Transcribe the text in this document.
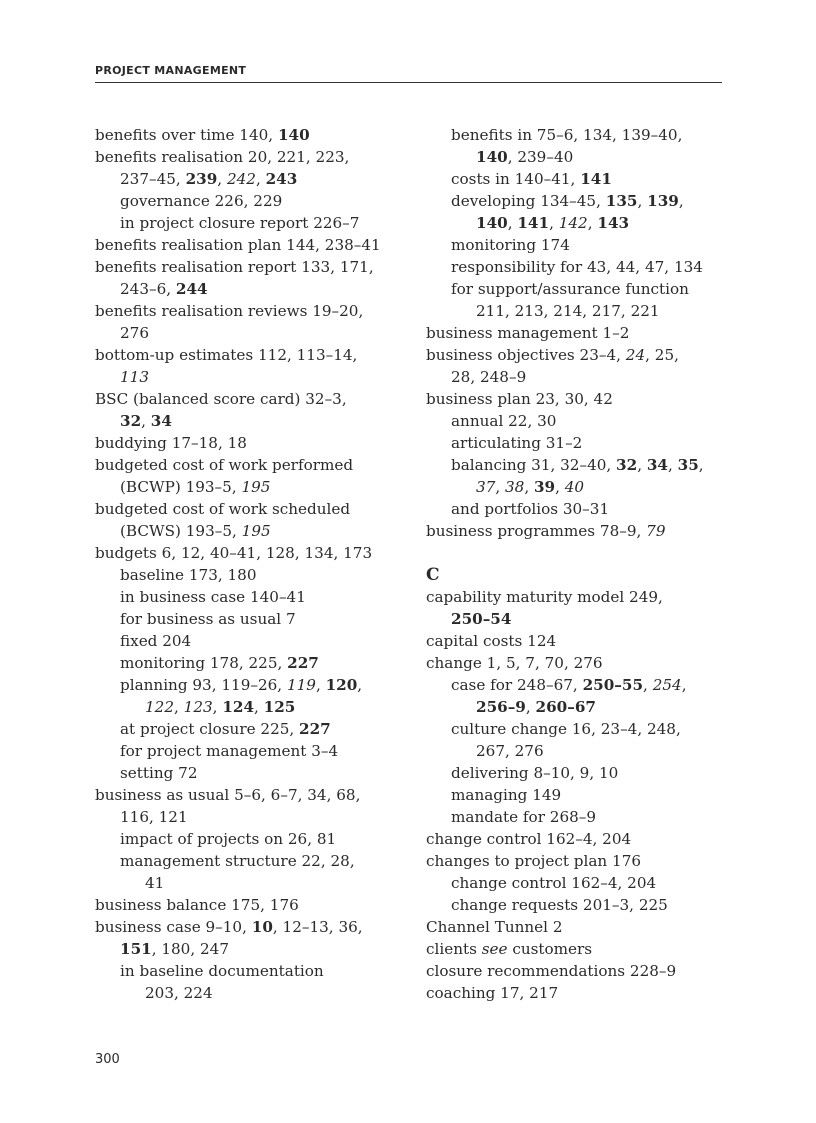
PROJECT MANAGEMENT
benefits over time 140, 140
benefits realisation 20, 221, 223,
237–45, 239, 242, 243
governance 226, 229
in project closure report 226–7
benefits realisation plan 144, 238–41
benefits realisation report 133, 171,
243–6, 244
benefits realisation reviews 19–20,
276
bottom-up estimates 112, 113–14,
113
BSC (balanced score card) 32–3,
32, 34
buddying 17–18, 18
budgeted cost of work performed
(BCWP) 193–5, 195
budgeted cost of work scheduled
(BCWS) 193–5, 195
budgets 6, 12, 40–41, 128, 134, 173
baseline 173, 180
in business case 140–41
for business as usual 7
fixed 204
monitoring 178, 225, 227
planning 93, 119–26, 119, 120,
122, 123, 124, 125
at project closure 225, 227
for project management 3–4
setting 72
business as usual 5–6, 6–7, 34, 68,
116, 121
impact of projects on 26, 81
management structure 22, 28,
41
business balance 175, 176
business case 9–10, 10, 12–13, 36,
151, 180, 247
in baseline documentation
203, 224
benefits in 75–6, 134, 139–40,
140, 239–40
costs in 140–41, 141
developing 134–45, 135, 139,
140, 141, 142, 143
monitoring 174
responsibility for 43, 44, 47, 134
for support/assurance function
211, 213, 214, 217, 221
business management 1–2
business objectives 23–4, 24, 25,
28, 248–9
business plan 23, 30, 42
annual 22, 30
articulating 31–2
balancing 31, 32–40, 32, 34, 35,
37, 38, 39, 40
and portfolios 30–31
business programmes 78–9, 79
C
capability maturity model 249,
250–54
capital costs 124
change 1, 5, 7, 70, 276
case for 248–67, 250–55, 254,
256–9, 260–67
culture change 16, 23–4, 248,
267, 276
delivering 8–10, 9, 10
managing 149
mandate for 268–9
change control 162–4, 204
changes to project plan 176
change control 162–4, 204
change requests 201–3, 225
Channel Tunnel 2
clients see customers
closure recommendations 228–9
coaching 17, 217
300
